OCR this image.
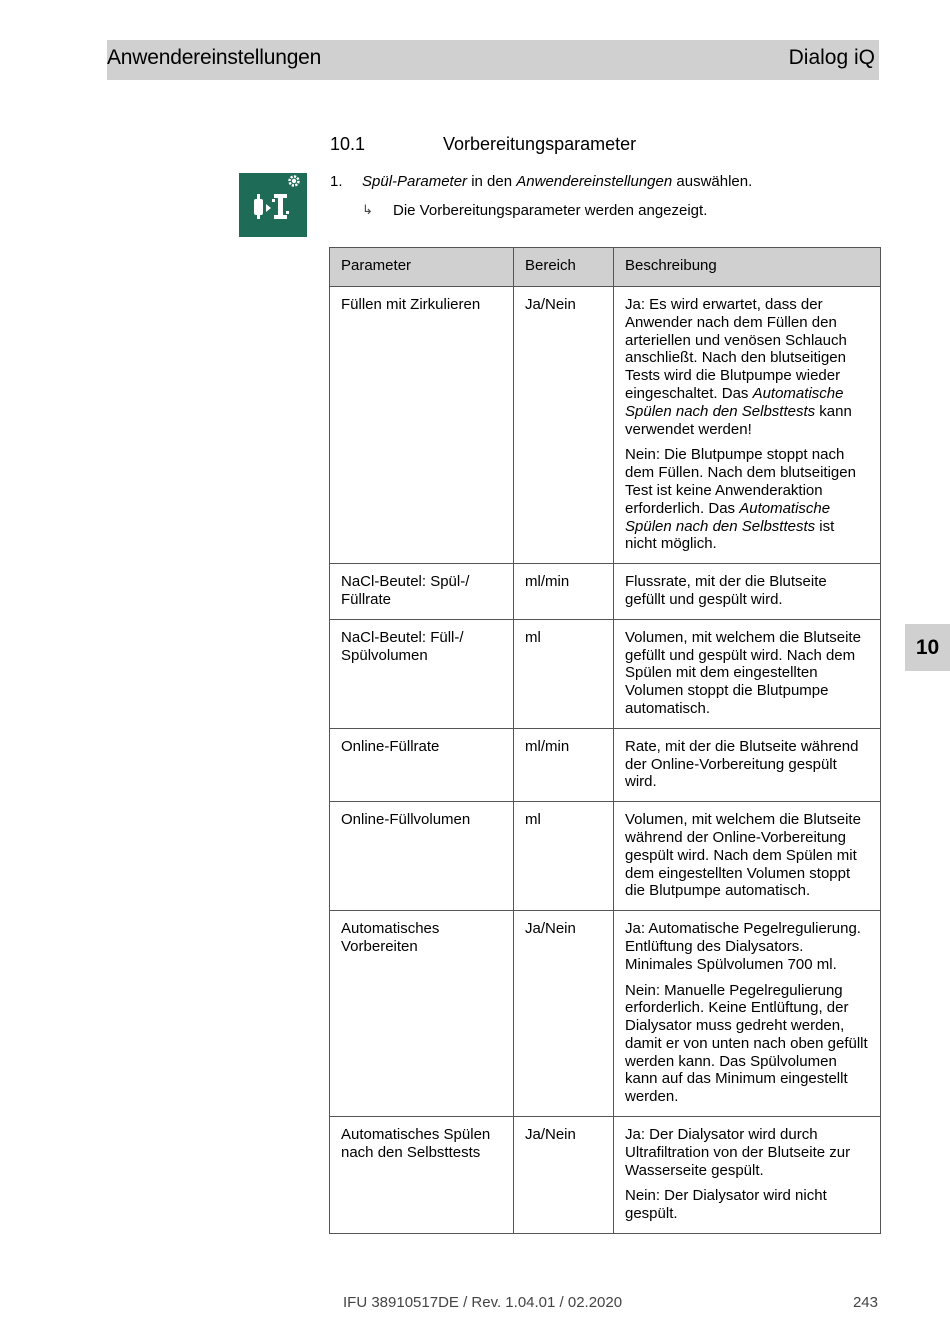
Anwendereinstellungen	Dialog iQ
10.1	Vorbereitungsparameter
1. Spül-Parameter in den Anwendereinstellungen auswählen.
↳ Die Vorbereitungsparameter werden angezeigt.
Parameter	Bereich	Beschreibung
Füllen mit Zirkulieren	Ja/Nein	Ja: Es wird erwartet, dass der Anwender nach dem Füllen den arteriellen und venösen Schlauch anschließt. Nach den blutseitigen Tests wird die Blutpumpe wieder eingeschaltet. Das Automatische Spülen nach den Selbsttests kann verwendet werden!
Nein: Die Blutpumpe stoppt nach dem Füllen. Nach dem blutseitigen Test ist keine Anwenderaktion erforderlich. Das Automatische Spülen nach den Selbsttests ist nicht möglich.

NaCl-Beutel: Spül-/ Füllrate	ml/min	Flussrate, mit der die Blutseite gefüllt und gespült wird.

NaCl-Beutel: Füll-/ Spülvolumen	ml	Volumen, mit welchem die Blutseite gefüllt und gespült wird. Nach dem Spülen mit dem eingestellten Volumen stoppt die Blutpumpe automatisch.

Online-Füllrate	ml/min	Rate, mit der die Blutseite während der Online-Vorbereitung gespült wird.

Online-Füllvolumen	ml	Volumen, mit welchem die Blutseite während der Online-Vorbereitung gespült wird. Nach dem Spülen mit dem eingestellten Volumen stoppt die Blutpumpe automatisch.

Automatisches Vorbereiten	Ja/Nein	Ja: Automatische Pegelregulierung. Entlüftung des Dialysators. Minimales Spülvolumen 700 ml.
Nein: Manuelle Pegelregulierung erforderlich. Keine Entlüftung, der Dialysator muss gedreht werden, damit er von unten nach oben gefüllt werden kann. Das Spülvolumen kann auf das Minimum eingestellt werden.

Automatisches Spülen nach den Selbsttests	Ja/Nein	Ja: Der Dialysator wird durch Ultrafiltration von der Blutseite zur Wasserseite gespült.
Nein: Der Dialysator wird nicht gespült.
10
IFU 38910517DE / Rev. 1.04.01 / 02.2020	243
